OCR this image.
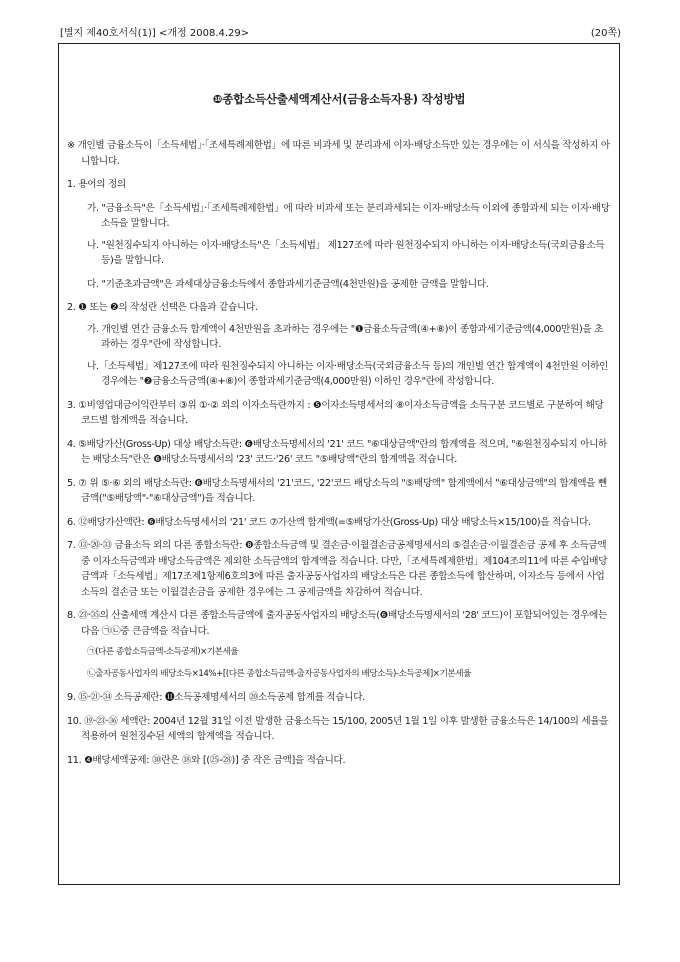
[별지 제40호서식(1)] <개정 2008.4.29>	(20쪽)
❿종합소득산출세액계산서(금융소득자용) 작성방법

※ 개인별 금융소득이「소득세법」·「조세특례제한법」에 따른 비과세 및 분리과세 이자·배당소득만 있는 경우에는 이 서식을 작성하지 아니합니다.

1. 용어의 정의

가. "금융소득"은「소득세법」·「조세특례제한법」에 따라 비과세 또는 분리과세되는 이자·배당소득 이외에 종합과세 되는 이자·배당소득을 말합니다.

나. "원천징수되지 아니하는 이자·배당소득"은「소득세법」 제127조에 따라 원천징수되지 아니하는 이자·배당소득(국외금융소득 등)을 말합니다.

다. "기준초과금액"은 과세대상금융소득에서 종합과세기준금액(4천만원)을 공제한 금액을 말합니다.

2. ❶ 또는 ❷의 작성란 선택은 다음과 같습니다.

가. 개인별 연간 금융소득 합계액이 4천만원을 초과하는 경우에는 "❶금융소득금액(④+⑧)이 종합과세기준금액(4,000만원)을 초과하는 경우"란에 작성합니다.

나.「소득세법」제127조에 따라 원천징수되지 아니하는 이자·배당소득(국외금융소득 등)의 개인별 연간 합계액이 4천만원 이하인 경우에는 "❷금융소득금액(④+⑧)이 종합과세기준금액(4,000만원) 이하인 경우"란에 작성합니다.

3. ①비영업대금이익란부터 ③위 ①·② 외의 이자소득란까지 : ❺이자소득명세서의 ⑧이자소득금액을 소득구분 코드별로 구분하여 해당 코드별 합계액을 적습니다.

4. ⑤배당가산(Gross-Up) 대상 배당소득란: ❻배당소득명세서의 '21' 코드 "⑥대상금액"란의 합계액을 적으며, "⑥원천징수되지 아니하는 배당소득"란은 ❻배당소득명세서의 '23' 코드·'26' 코드 "⑤배당액"란의 합계액을 적습니다.

5. ⑦ 위 ⑤·⑥ 외의 배당소득란: ❻배당소득명세서의 '21'코드, '22'코드 배당소득의 "⑤배당액" 합계액에서 "⑥대상금액"의 합계액을 뺀 금액("⑤배당액"-"⑥대상금액")을 적습니다.

6. ⑫배당가산액란: ❻배당소득명세서의 '21' 코드 ⑦가산액 합계액(=⑤배당가산(Gross-Up) 대상 배당소득×15/100)을 적습니다.

7. ⑬·⑳·㉝ 금융소득 외의 다른 종합소득란: ❽종합소득금액 및 결손금·이월결손금공제명세서의 ⑤결손금·이월결손금 공제 후 소득금액 중 이자소득금액과 배당소득금액은 제외한 소득금액의 합계액을 적습니다. 다만,「조세특례제한법」제104조의11에 따른 수입배당금액과「소득세법」제17조제1항제6호의3에 따른 출자공동사업자의 배당소득은 다른 종합소득에 합산하며, 이자소득 등에서 사업소득의 결손금 또는 이월결손금을 공제한 경우에는 그 공제금액을 차감하여 적습니다.

8. ㉓·㉟의 산출세액 계산시 다른 종합소득금액에 출자공동사업자의 배당소득(❻배당소득명세서의 '28' 코드)이 포함되어있는 경우에는 다음 ㉠㉡중 큰금액을 적습니다.

㉠(다른 종합소득금액-소득공제)×기본세율

㉡출자공동사업자의 배당소득×14%+[(다른 종합소득금액-출자공동사업자의 배당소득)-소득공제]×기본세율

9. ⑮·㉑·㉞ 소득공제란: ⓫소득공제명세서의 ⑳소득공제 합계를 적습니다.

10. ⑲·㉓·㊱ 세액란: 2004년 12월 31일 이전 발생한 금융소득는 15/100, 2005년 1월 1일 이후 발생한 금융소득은 14/100의 세율을 적용하여 원천징수된 세액의 합계액을 적습니다.

11. ❹배당세액공제: ㉚란은 ⑱와 [(㉕-㉘)] 중 작은 금액]을 적습니다.
